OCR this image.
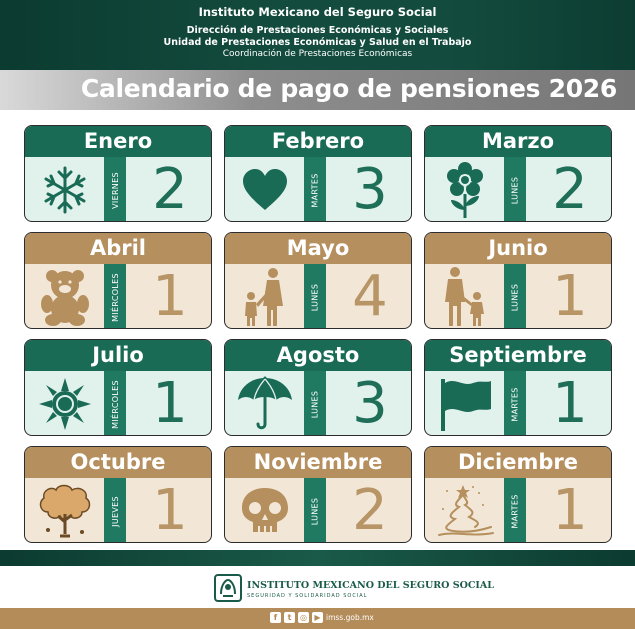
Instituto Mexicano del Seguro Social
Dirección de Prestaciones Económicas y Sociales
Unidad de Prestaciones Económicas y Salud en el Trabajo
Coordinación de Prestaciones Económicas
Calendario de pago de pensiones 2026
Enero
VIERNES 2
Febrero
MARTES 3
Marzo
LUNES 2
Abril
MIÉRCOLES 1
Mayo
LUNES 4
Junio
LUNES 1
Julio
MIÉRCOLES 1
Agosto
LUNES 3
Septiembre
MARTES 1
Octubre
JUEVES 1
Noviembre
LUNES 2
Diciembre
MARTES 1
INSTITUTO MEXICANO DEL SEGURO SOCIAL
SEGURIDAD Y SOLIDARIDAD SOCIAL
f	t	◎ ▶ imss.gob.mx
